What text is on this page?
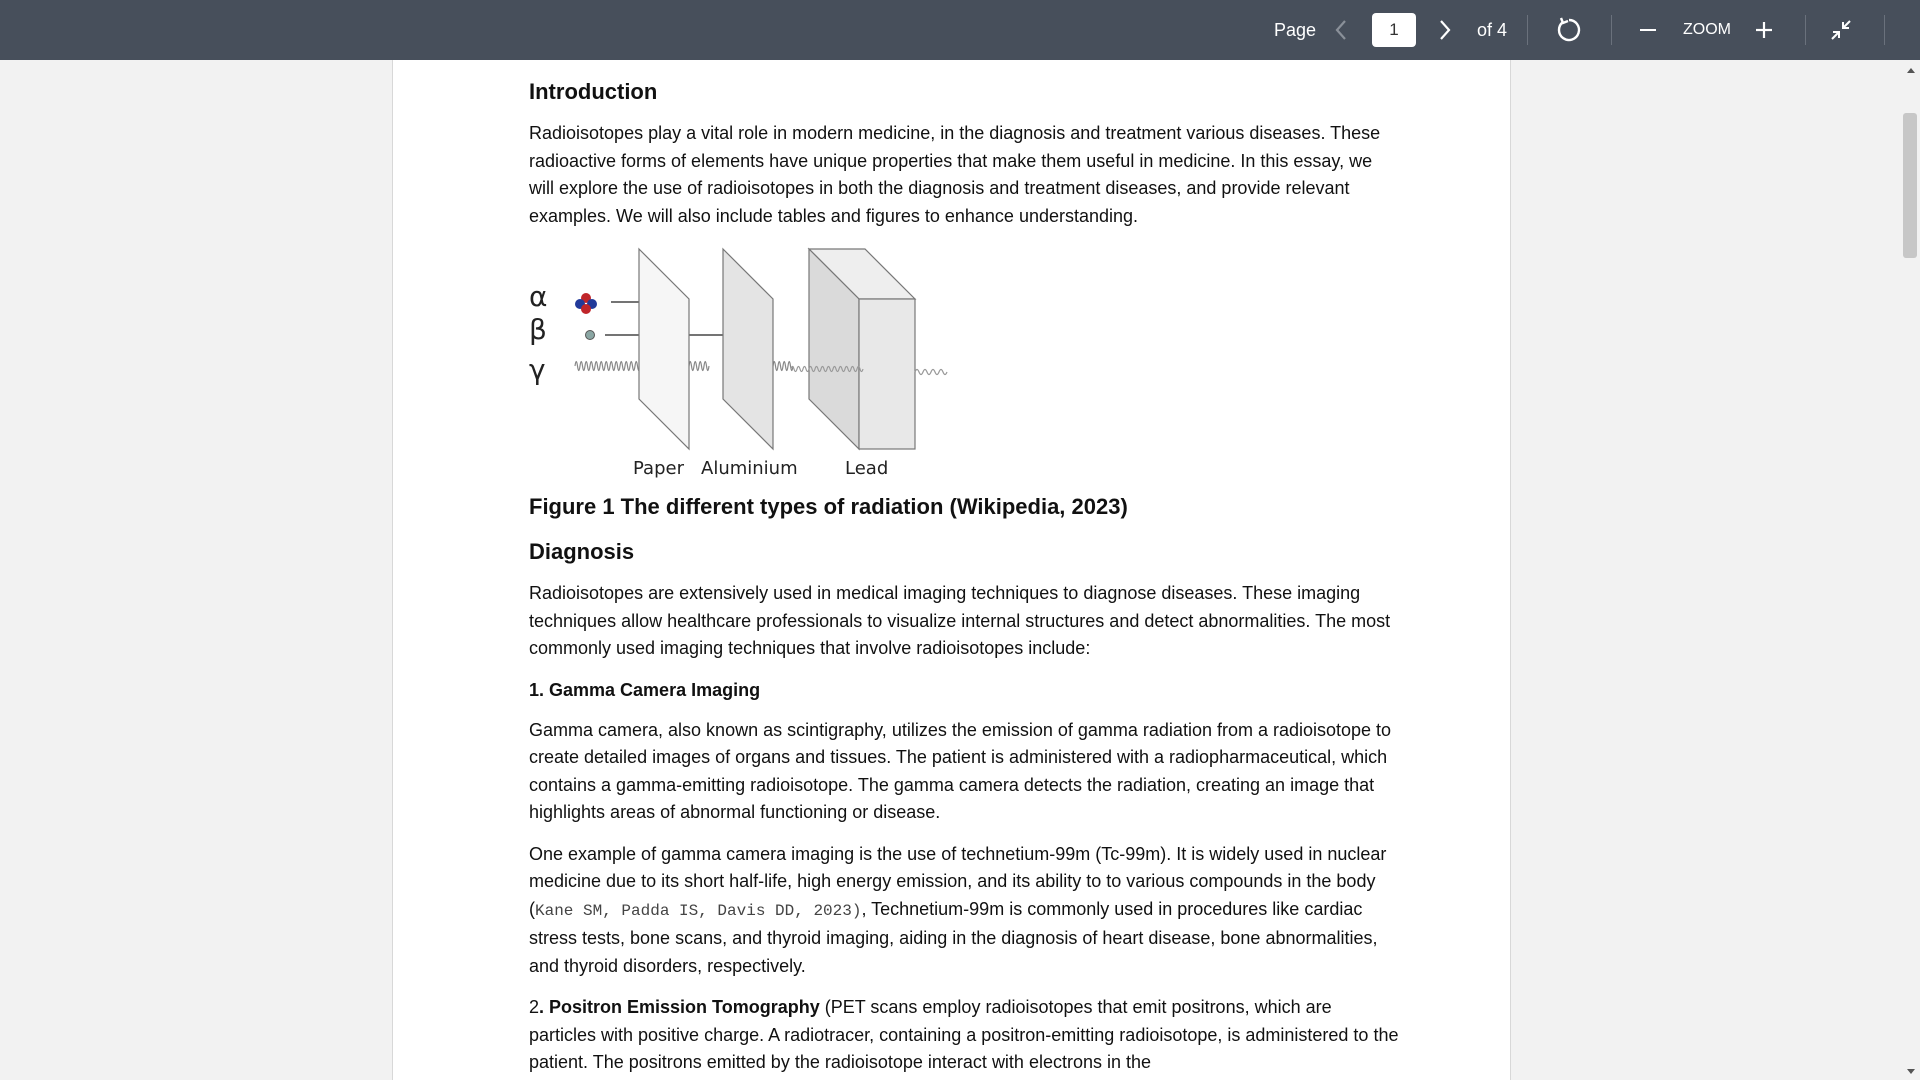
Page
1	of 4	ZOOM
Introduction

Radioisotopes play a vital role in modern medicine, in the diagnosis and treatment various diseases. These radioactive forms of elements have unique properties that make them useful in medicine. In this essay, we will explore the use of radioisotopes in both the diagnosis and treatment diseases, and provide relevant examples. We will also include tables and figures to enhance understanding.

α
β
γ
Paper Aluminium	Lead
Figure 1 The different types of radiation (Wikipedia, 2023)
Diagnosis

Radioisotopes are extensively used in medical imaging techniques to diagnose diseases. These imaging techniques allow healthcare professionals to visualize internal structures and detect abnormalities. The most commonly used imaging techniques that involve radioisotopes include:

1. Gamma Camera Imaging

Gamma camera, also known as scintigraphy, utilizes the emission of gamma radiation from a radioisotope to create detailed images of organs and tissues. The patient is administered with a radiopharmaceutical, which contains a gamma-emitting radioisotope. The gamma camera detects the radiation, creating an image that highlights areas of abnormal functioning or disease.

One example of gamma camera imaging is the use of technetium-99m (Tc-99m). It is widely used in nuclear medicine due to its short half-life, high energy emission, and its ability to to various compounds in the body (Kane SM, Padda IS, Davis DD, 2023), Technetium-99m is commonly used in procedures like cardiac stress tests, bone scans, and thyroid imaging, aiding in the diagnosis of heart disease, bone abnormalities, and thyroid disorders, respectively.

2. Positron Emission Tomography (PET scans employ radioisotopes that emit positrons, which are particles with positive charge. A radiotracer, containing a positron-emitting radioisotope, is administered to the patient. The positrons emitted by the radioisotope interact with electrons in the
